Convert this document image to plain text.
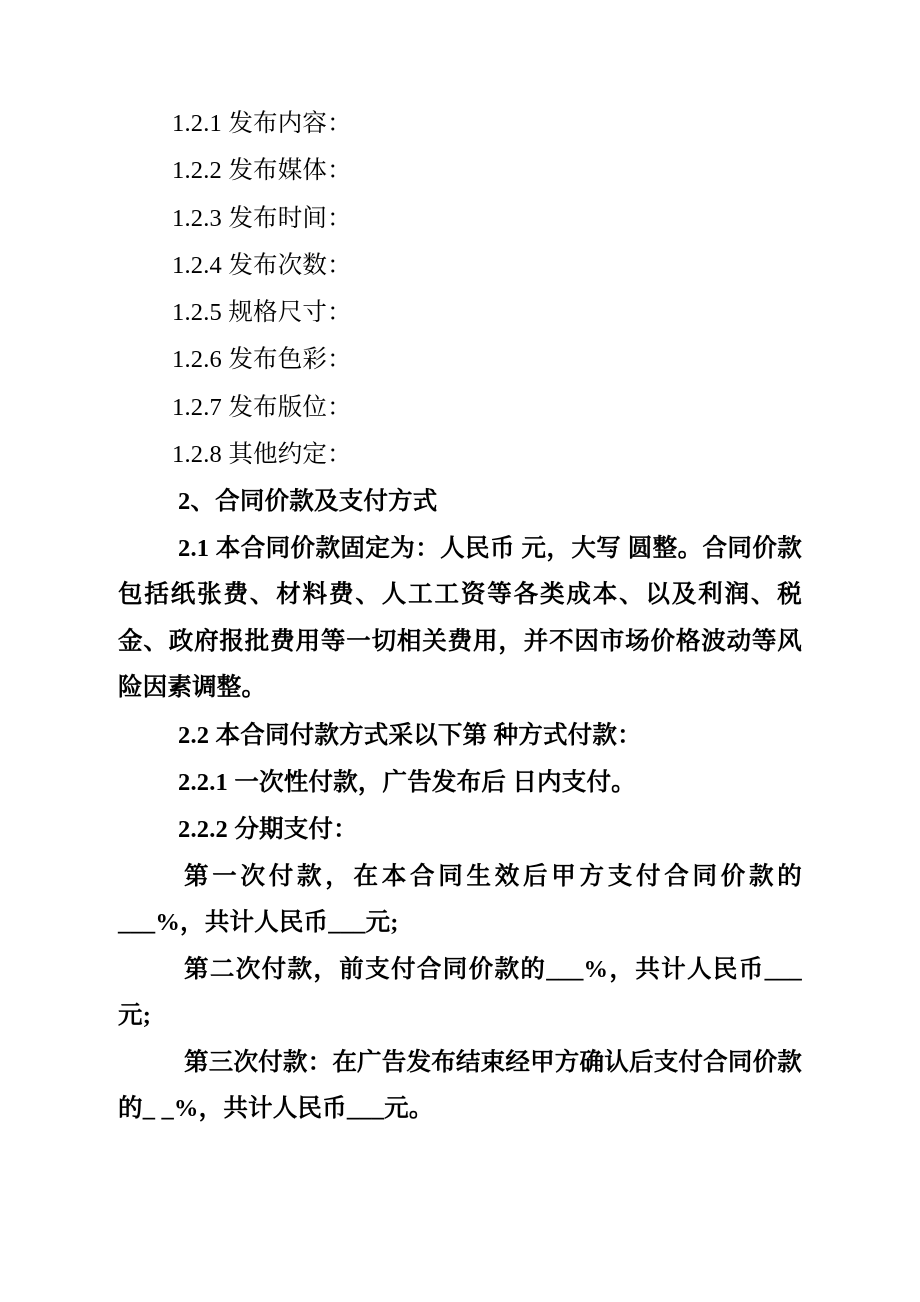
1.2.1 发布内容：

1.2.2 发布媒体：

1.2.3 发布时间：

1.2.4 发布次数：

1.2.5 规格尺寸：

1.2.6 发布色彩：

1.2.7 发布版位：

1.2.8 其他约定：

2、合同价款及支付方式

2.1 本合同价款固定为：人民币 元，大写 圆整。合同价款包括纸张费、材料费、人工工资等各类成本、以及利润、税金、政府报批费用等一切相关费用，并不因市场价格波动等风险因素调整。

2.2 本合同付款方式采以下第 种方式付款：

2.2.1 一次性付款，广告发布后 日内支付。

2.2.2 分期支付：

第一次付款，在本合同生效后甲方支付合同价款的___%，共计人民币___元;

第二次付款，前支付合同价款的___%，共计人民币___元;

第三次付款：在广告发布结束经甲方确认后支付合同价款的_ _%，共计人民币___元。
